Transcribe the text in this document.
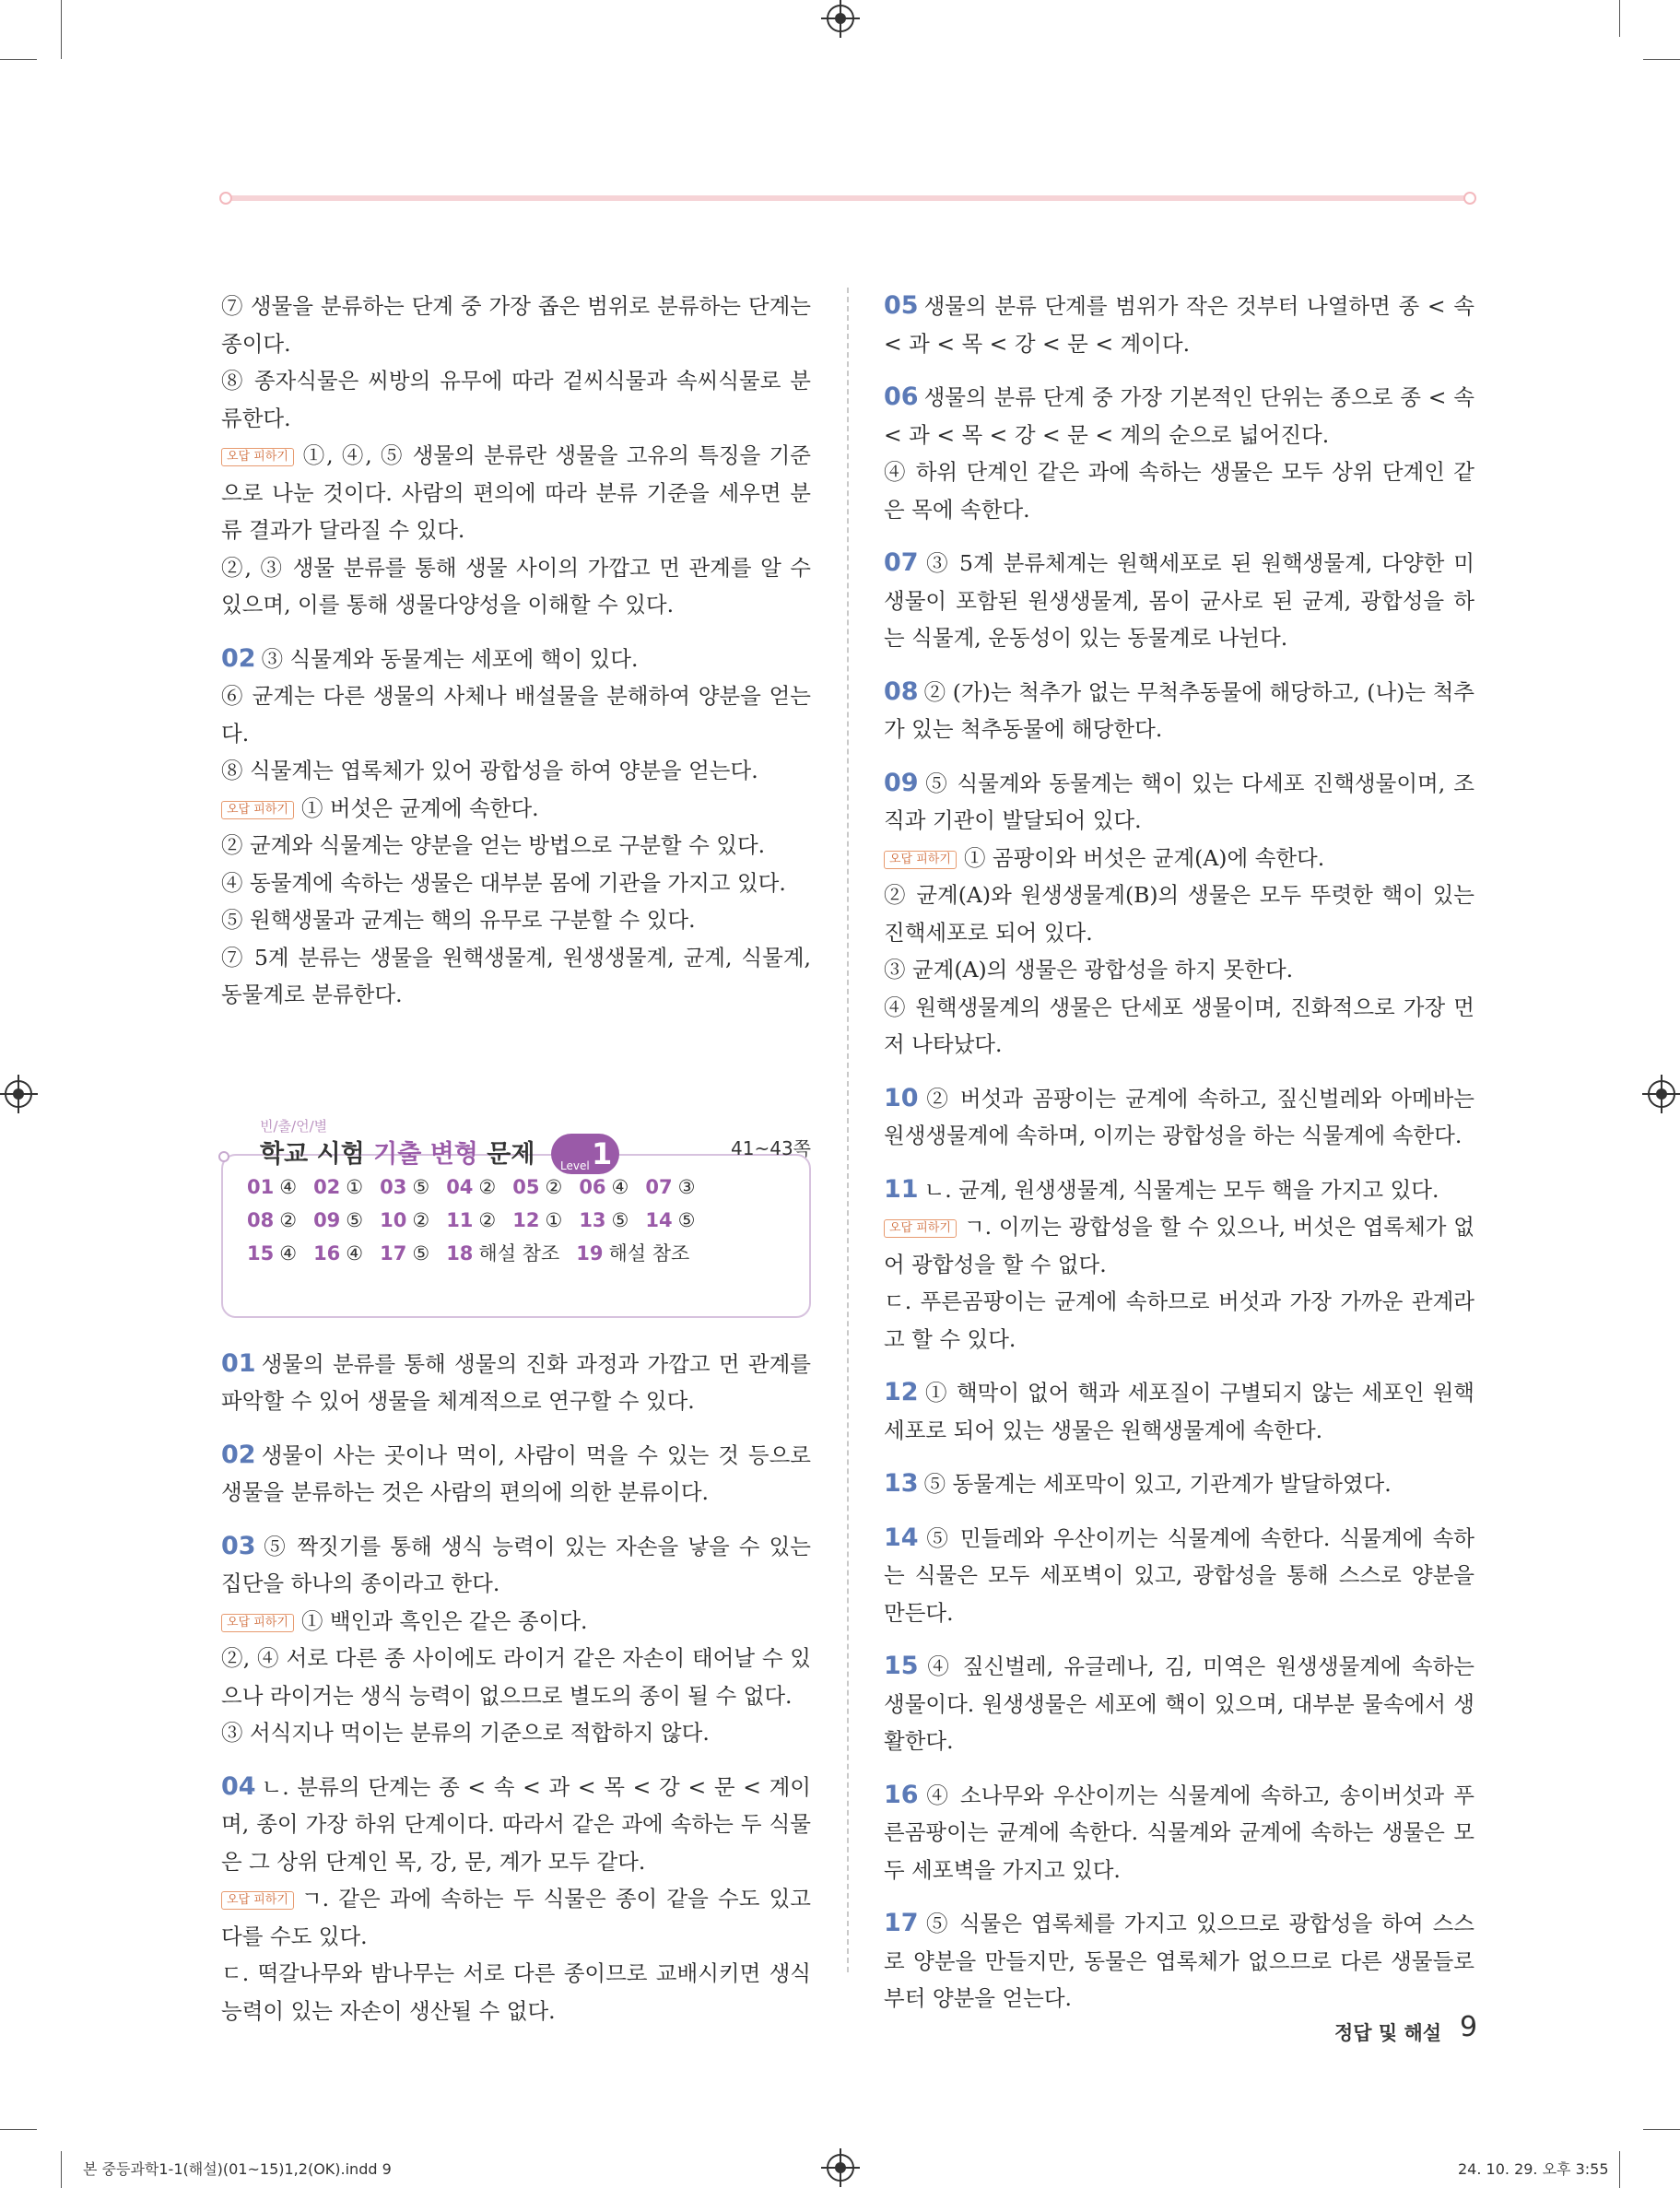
⑦ 생물을 분류하는 단계 중 가장 좁은 범위로 분류하는 단계는 종이다.

⑧ 종자식물은 씨방의 유무에 따라 겉씨식물과 속씨식물로 분류한다.

오답 피하기 ①, ④, ⑤ 생물의 분류란 생물을 고유의 특징을 기준으로 나눈 것이다. 사람의 편의에 따라 분류 기준을 세우면 분류 결과가 달라질 수 있다.

②, ③ 생물 분류를 통해 생물 사이의 가깝고 먼 관계를 알 수 있으며, 이를 통해 생물다양성을 이해할 수 있다.

02 ③ 식물계와 동물계는 세포에 핵이 있다.

⑥ 균계는 다른 생물의 사체나 배설물을 분해하여 양분을 얻는다.

⑧ 식물계는 엽록체가 있어 광합성을 하여 양분을 얻는다.

오답 피하기 ① 버섯은 균계에 속한다.

② 균계와 식물계는 양분을 얻는 방법으로 구분할 수 있다.

④ 동물계에 속하는 생물은 대부분 몸에 기관을 가지고 있다.

⑤ 원핵생물과 균계는 핵의 유무로 구분할 수 있다.

⑦ 5계 분류는 생물을 원핵생물계, 원생생물계, 균계, 식물계, 동물계로 분류한다.

빈/출/언/별
학교 시험 기출 변형 문제 Level 1	41~43쪽
01 ④ 02 ① 03 ⑤ 04 ② 05 ② 06 ④ 07 ③
08 ② 09 ⑤ 10 ② 11 ② 12 ① 13 ⑤ 14 ⑤
15 ④ 16 ④ 17 ⑤ 18 해설 참조 19 해설 참조

01 생물의 분류를 통해 생물의 진화 과정과 가깝고 먼 관계를 파악할 수 있어 생물을 체계적으로 연구할 수 있다.

02 생물이 사는 곳이나 먹이, 사람이 먹을 수 있는 것 등으로 생물을 분류하는 것은 사람의 편의에 의한 분류이다.

03 ⑤ 짝짓기를 통해 생식 능력이 있는 자손을 낳을 수 있는 집단을 하나의 종이라고 한다.

오답 피하기 ① 백인과 흑인은 같은 종이다.

②, ④ 서로 다른 종 사이에도 라이거 같은 자손이 태어날 수 있으나 라이거는 생식 능력이 없으므로 별도의 종이 될 수 없다.

③ 서식지나 먹이는 분류의 기준으로 적합하지 않다.

04 ㄴ. 분류의 단계는 종 < 속 < 과 < 목 < 강 < 문 < 계이며, 종이 가장 하위 단계이다. 따라서 같은 과에 속하는 두 식물은 그 상위 단계인 목, 강, 문, 계가 모두 같다.

오답 피하기 ㄱ. 같은 과에 속하는 두 식물은 종이 같을 수도 있고 다를 수도 있다.

ㄷ. 떡갈나무와 밤나무는 서로 다른 종이므로 교배시키면 생식 능력이 있는 자손이 생산될 수 없다.

05 생물의 분류 단계를 범위가 작은 것부터 나열하면 종 < 속 < 과 < 목 < 강 < 문 < 계이다.

06 생물의 분류 단계 중 가장 기본적인 단위는 종으로 종 < 속 < 과 < 목 < 강 < 문 < 계의 순으로 넓어진다.

④ 하위 단계인 같은 과에 속하는 생물은 모두 상위 단계인 같은 목에 속한다.

07 ③ 5계 분류체계는 원핵세포로 된 원핵생물계, 다양한 미생물이 포함된 원생생물계, 몸이 균사로 된 균계, 광합성을 하는 식물계, 운동성이 있는 동물계로 나뉜다.

08 ② (가)는 척추가 없는 무척추동물에 해당하고, (나)는 척추가 있는 척추동물에 해당한다.

09 ⑤ 식물계와 동물계는 핵이 있는 다세포 진핵생물이며, 조직과 기관이 발달되어 있다.

오답 피하기 ① 곰팡이와 버섯은 균계(A)에 속한다.

② 균계(A)와 원생생물계(B)의 생물은 모두 뚜렷한 핵이 있는 진핵세포로 되어 있다.

③ 균계(A)의 생물은 광합성을 하지 못한다.

④ 원핵생물계의 생물은 단세포 생물이며, 진화적으로 가장 먼저 나타났다.

10 ② 버섯과 곰팡이는 균계에 속하고, 짚신벌레와 아메바는 원생생물계에 속하며, 이끼는 광합성을 하는 식물계에 속한다.

11 ㄴ. 균계, 원생생물계, 식물계는 모두 핵을 가지고 있다.

오답 피하기 ㄱ. 이끼는 광합성을 할 수 있으나, 버섯은 엽록체가 없어 광합성을 할 수 없다.

ㄷ. 푸른곰팡이는 균계에 속하므로 버섯과 가장 가까운 관계라고 할 수 있다.

12 ① 핵막이 없어 핵과 세포질이 구별되지 않는 세포인 원핵세포로 되어 있는 생물은 원핵생물계에 속한다.

13 ⑤ 동물계는 세포막이 있고, 기관계가 발달하였다.

14 ⑤ 민들레와 우산이끼는 식물계에 속한다. 식물계에 속하는 식물은 모두 세포벽이 있고, 광합성을 통해 스스로 양분을 만든다.

15 ④ 짚신벌레, 유글레나, 김, 미역은 원생생물계에 속하는 생물이다. 원생생물은 세포에 핵이 있으며, 대부분 물속에서 생활한다.

16 ④ 소나무와 우산이끼는 식물계에 속하고, 송이버섯과 푸른곰팡이는 균계에 속한다. 식물계와 균계에 속하는 생물은 모두 세포벽을 가지고 있다.

17 ⑤ 식물은 엽록체를 가지고 있으므로 광합성을 하여 스스로 양분을 만들지만, 동물은 엽록체가 없으므로 다른 생물들로부터 양분을 얻는다.

정답 및 해설 9
본 중등과학1-1(해설)(01~15)1,2(OK).indd 9	24. 10. 29. 오후 3:55
